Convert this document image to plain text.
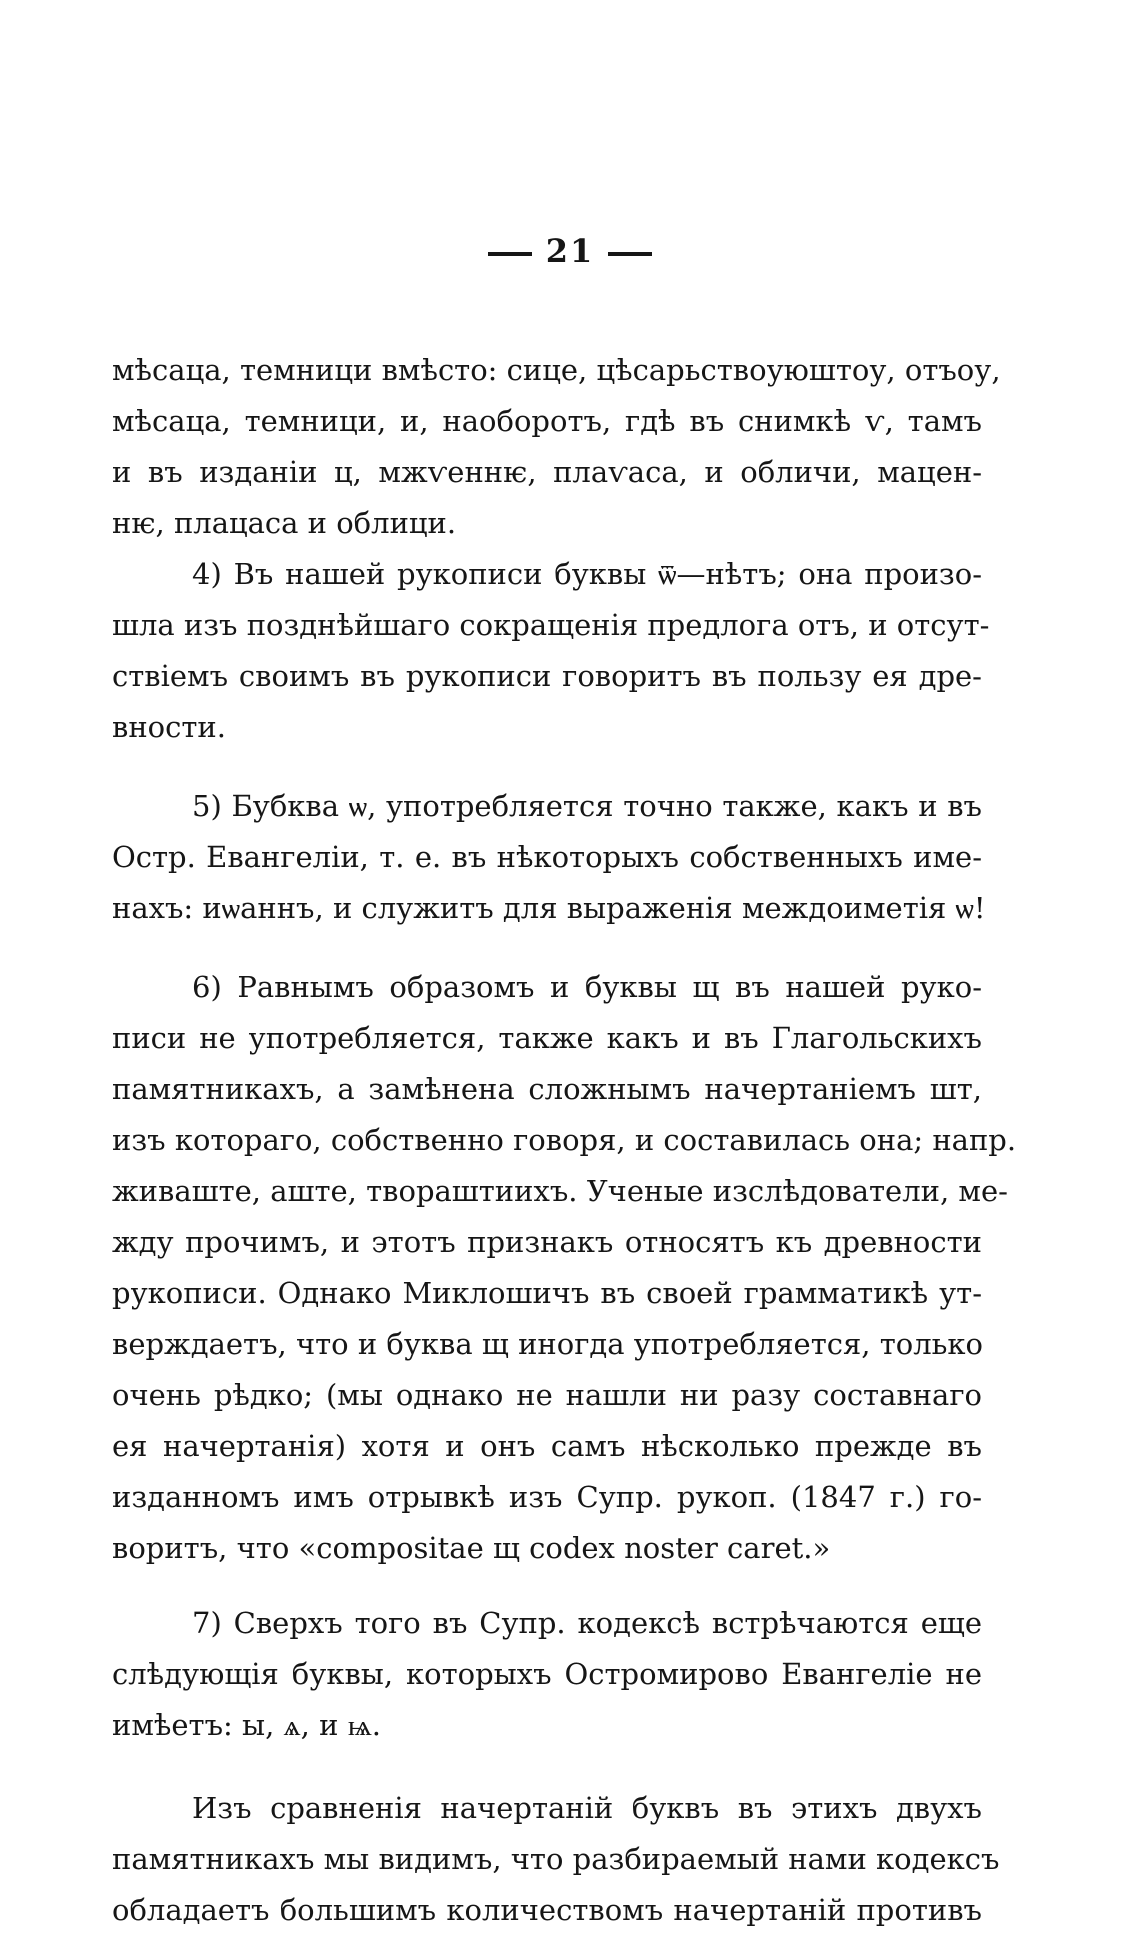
21
мѣсаца, темници вмѣсто: сице, цѣсарьствоуюштоу, отъоу,
мѣсаца, темници, и, наоборотъ, гдѣ въ снимкѣ ѵ, тамъ
и въ изданіи ц, мжѵеннѥ, плаѵаса, и обличи, мацен-
нѥ, плацаса и облици.
4) Въ нашей рукописи буквы ѿ—нѣтъ; она произо-
шла изъ позднѣйшаго сокращенія предлога отъ, и отсут-
ствіемъ своимъ въ рукописи говоритъ въ пользу ея дре-
вности.
5) Бубква ѡ, употребляется точно также, какъ и въ
Остр. Евангеліи, т. е. въ нѣкоторыхъ собственныхъ име-
нахъ: иѡаннъ, и служитъ для выраженія междоиметія ѡ!
6) Равнымъ образомъ и буквы щ въ нашей руко-
писи не употребляется, также какъ и въ Глагольскихъ
памятникахъ, а замѣнена сложнымъ начертаніемъ шт,
изъ котораго, собственно говоря, и составилась она; напр.
живаште, аште, твораштиихъ. Ученые изслѣдователи, ме-
жду прочимъ, и этотъ признакъ относятъ къ древности
рукописи. Однако Миклошичъ въ своей грамматикѣ ут-
верждаетъ, что и буква щ иногда употребляется, только
очень рѣдко; (мы однако не нашли ни разу составнаго
ея начертанія) хотя и онъ самъ нѣсколько прежде въ
изданномъ имъ отрывкѣ изъ Супр. рукоп. (1847 г.) го-
воритъ, что «compositae щ codex noster caret.»
7) Сверхъ того въ Супр. кодексѣ встрѣчаются еще
слѣдующія буквы, которыхъ Остромирово Евангеліе не
имѣетъ: ы, ѧ, и ѩ.
Изъ сравненія начертаній буквъ въ этихъ двухъ
памятникахъ мы видимъ, что разбираемый нами кодексъ
обладаетъ большимъ количествомъ начертаній противъ
